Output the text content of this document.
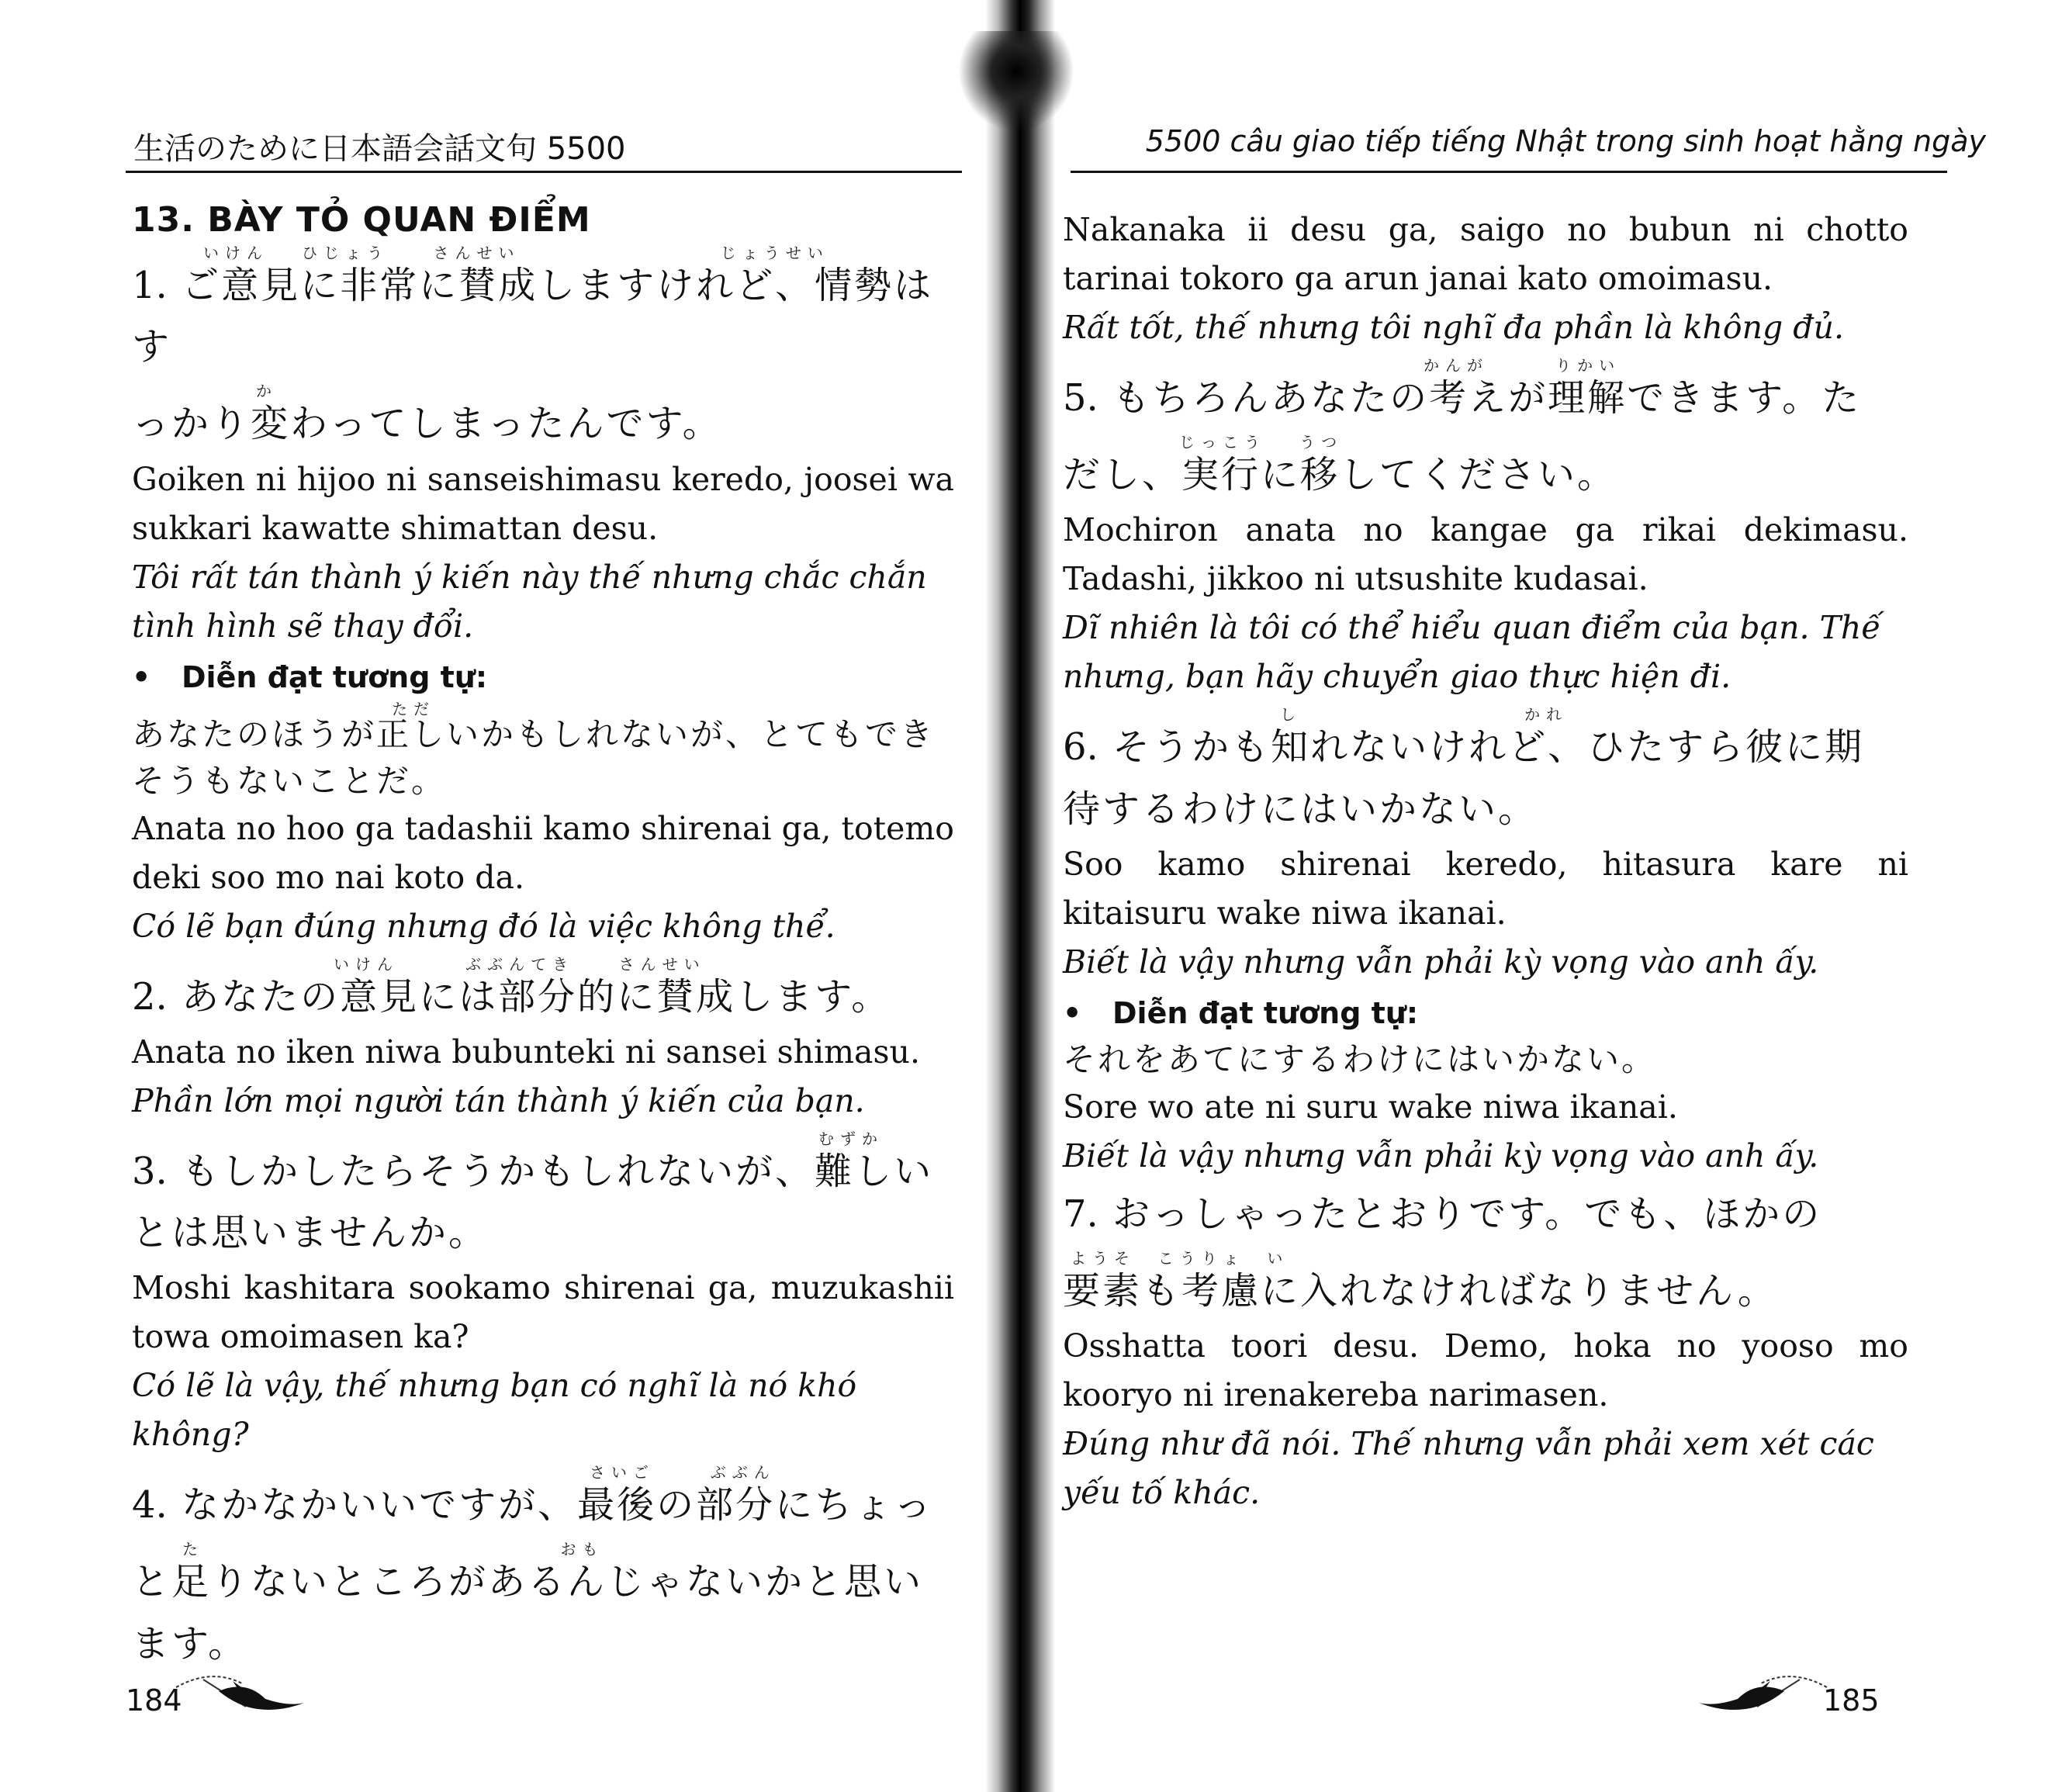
生活のために日本語会話文句 5500
13. BÀY TỎ QUAN ĐIỂM
いけん   ひじょう    さんせい                  じょうせい

1. ご意見に非常に賛成しますけれど、情勢はす

か

っかり変わってしまったんです。

Goiken ni hijoo ni sanseishimasu keredo, joosei wa sukkari kawatte shimattan desu.

Tôi rất tán thành ý kiến này thế nhưng chắc chắn tình hình sẽ thay đổi.

• Diễn đạt tương tự:

ただ

あなたのほうが正しいかもしれないが、とてもできそうもないことだ。

Anata no hoo ga tadashii kamo shirenai ga, totemo deki soo mo nai koto da.

Có lẽ bạn đúng nhưng đó là việc không thể.

いけん      ぶぶんてき    さんせい

2. あなたの意見には部分的に賛成します。

Anata no iken niwa bubunteki ni sansei shimasu.

Phần lớn mọi người tán thành ý kiến của bạn.

むずか

3. もしかしたらそうかもしれないが、難しい

とは思いませんか。

Moshi kashitara sookamo shirenai ga, muzukashii towa omoimasen ka?

Có lẽ là vậy, thế nhưng bạn có nghĩ là nó khó không?

さいご     ぶぶん

4. なかなかいいですが、最後の部分にちょっ

た                                おも

と足りないところがあるんじゃないかと思い

ます。

184
5500 câu giao tiếp tiếng Nhật trong sinh hoạt hằng ngày

Nakanaka ii desu ga, saigo no bubun ni chotto tarinai tokoro ga arun janai kato omoimasu.

Rất tốt, thế nhưng tôi nghĩ đa phần là không đủ.

かんが      りかい

5. もちろんあなたの考えが理解できます。た

じっこう   うつ

だし、実行に移してください。

Mochiron anata no kangae ga rikai dekimasu. Tadashi, jikkoo ni utsushite kudasai.

Dĩ nhiên là tôi có thể hiểu quan điểm của bạn. Thế nhưng, bạn hãy chuyển giao thực hiện đi.

し                    かれ

6. そうかも知れないけれど、ひたすら彼に期

待するわけにはいかない。

Soo kamo shirenai keredo, hitasura kare ni kitaisuru wake niwa ikanai.

Biết là vậy nhưng vẫn phải kỳ vọng vào anh ấy.

• Diễn đạt tương tự:

それをあてにするわけにはいかない。

Sore wo ate ni suru wake niwa ikanai.

Biết là vậy nhưng vẫn phải kỳ vọng vào anh ấy.

7. おっしゃったとおりです。でも、ほかの

ようそ  こうりょ  い

要素も考慮に入れなければなりません。

Osshatta toori desu. Demo, hoka no yooso mo kooryo ni irenakereba narimasen.

Đúng như đã nói. Thế nhưng vẫn phải xem xét các yếu tố khác.

185
